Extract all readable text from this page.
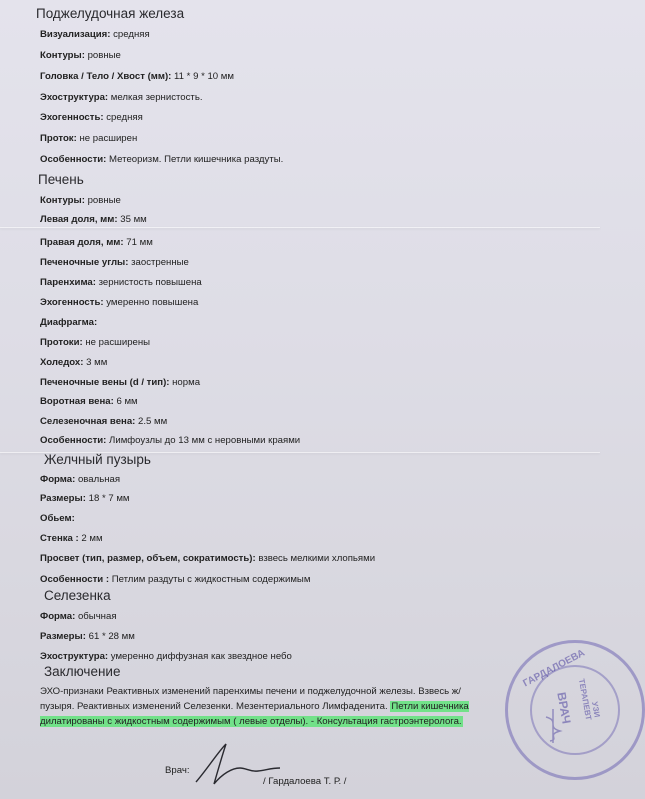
Поджелудочная железа
Визуализация: средняя
Контуры: ровные
Головка / Тело / Хвост (мм): 11 * 9 * 10 мм
Эхоструктура: мелкая зернистость.
Эхогенность: средняя
Проток: не расширен
Особенности: Метеоризм. Петли кишечника раздуты.
Печень
Контуры: ровные
Левая доля, мм: 35 мм
Правая доля, мм: 71 мм
Печеночные углы: заостренные
Паренхима: зернистость повышена
Эхогенность: умеренно повышена
Диафрагма:
Протоки: не расширены
Холедох: 3 мм
Печеночные вены (d / тип): норма
Воротная вена: 6 мм
Селезеночная вена: 2.5 мм
Особенности: Лимфоузлы до 13 мм с неровными краями
Желчный пузырь
Форма: овальная
Размеры: 18 * 7 мм
Обьем:
Стенка : 2 мм
Просвет (тип, размер, объем, сократимость): взвесь мелкими хлопьями
Особенности : Петлим раздуты с жидкостным содержимым
Селезенка
Форма: обычная
Размеры: 61 * 28 мм
Эхоструктура: умеренно диффузная как звездное небо
Заключение
ЭХО-признаки Реактивных изменений паренхимы печени и поджелудочной железы. Взвесь ж/ пузыря. Реактивных изменений Селезенки. Мезентериального Лимфаденита. Петли кишечника дилатированы с жидкостным содержимым ( левые отделы). - Консультация гастроэнтеролога.
Врач:
/ Гардалоева Т. Р. /
ГАРДАЛОЕВА
ВРАЧ ТЕРАПЕВТ
УЗИ
